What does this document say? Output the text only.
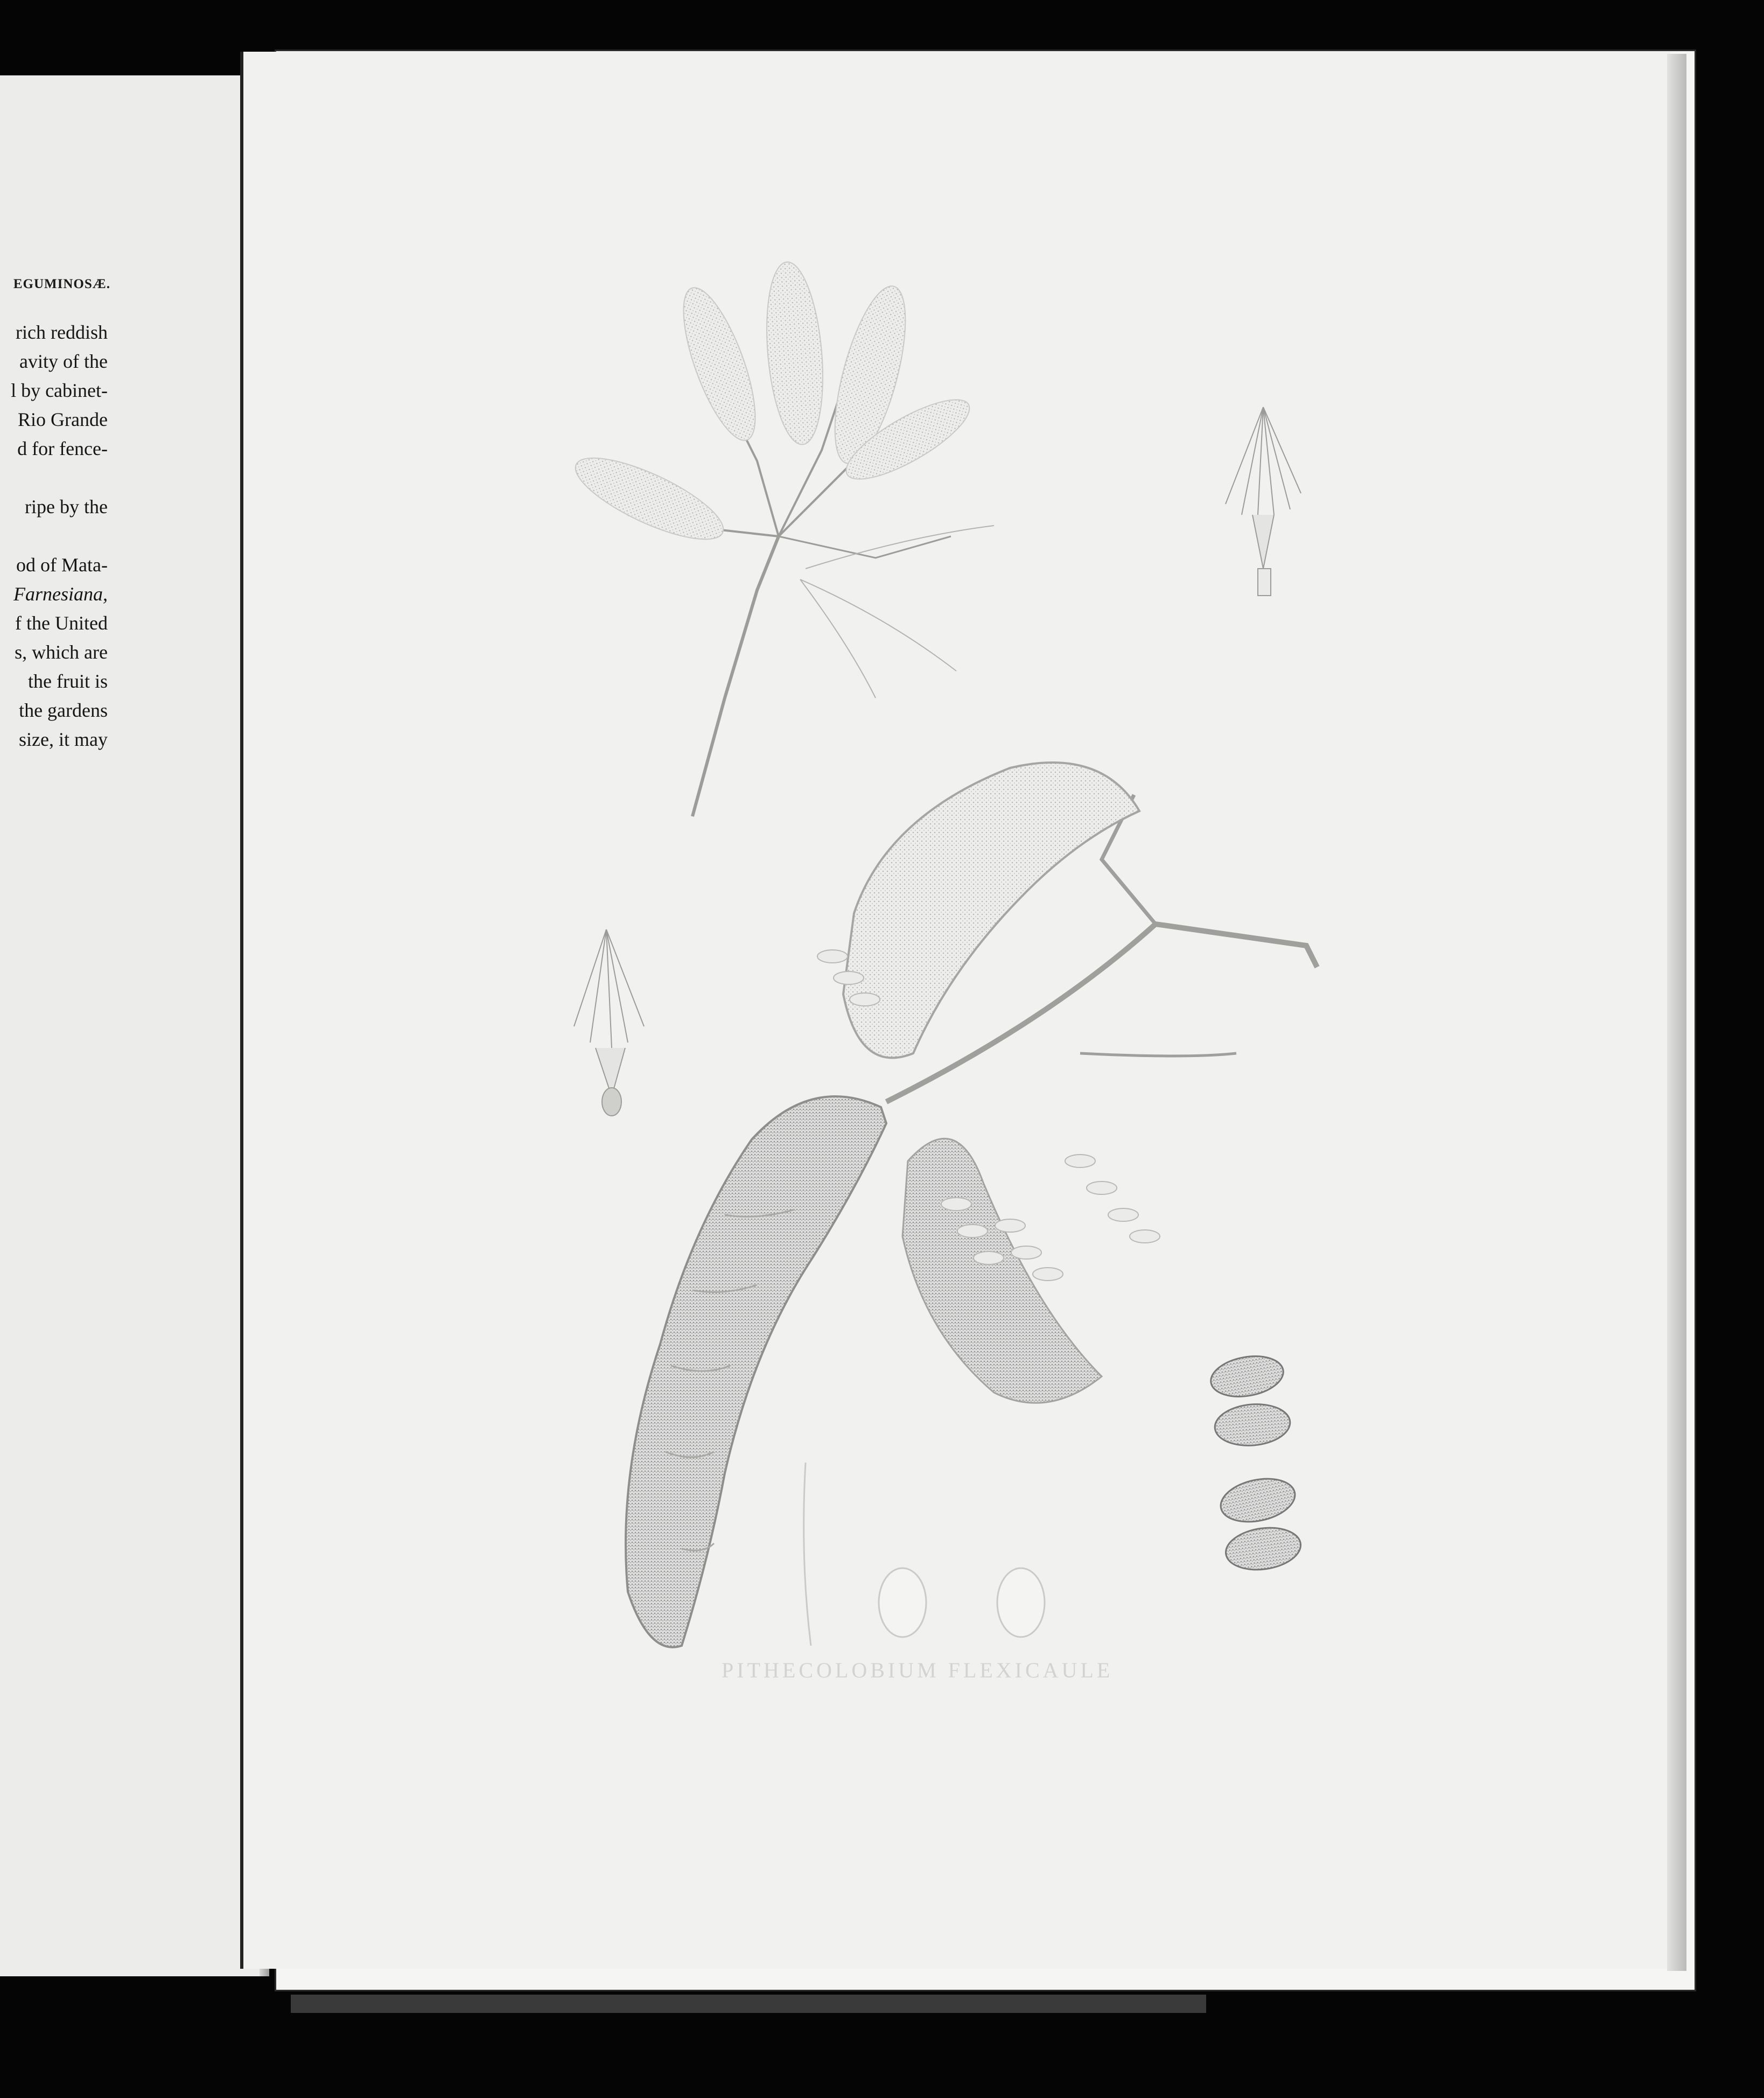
EGUMINOSÆ.
rich reddish
avity of the
l by cabinet-
Rio Grande
d for fence-
ripe by the
od of Mata-
Farnesiana,
f the United
s, which are
the fruit is
the gardens
size, it may
PITHECOLOBIUM FLEXICAULE
